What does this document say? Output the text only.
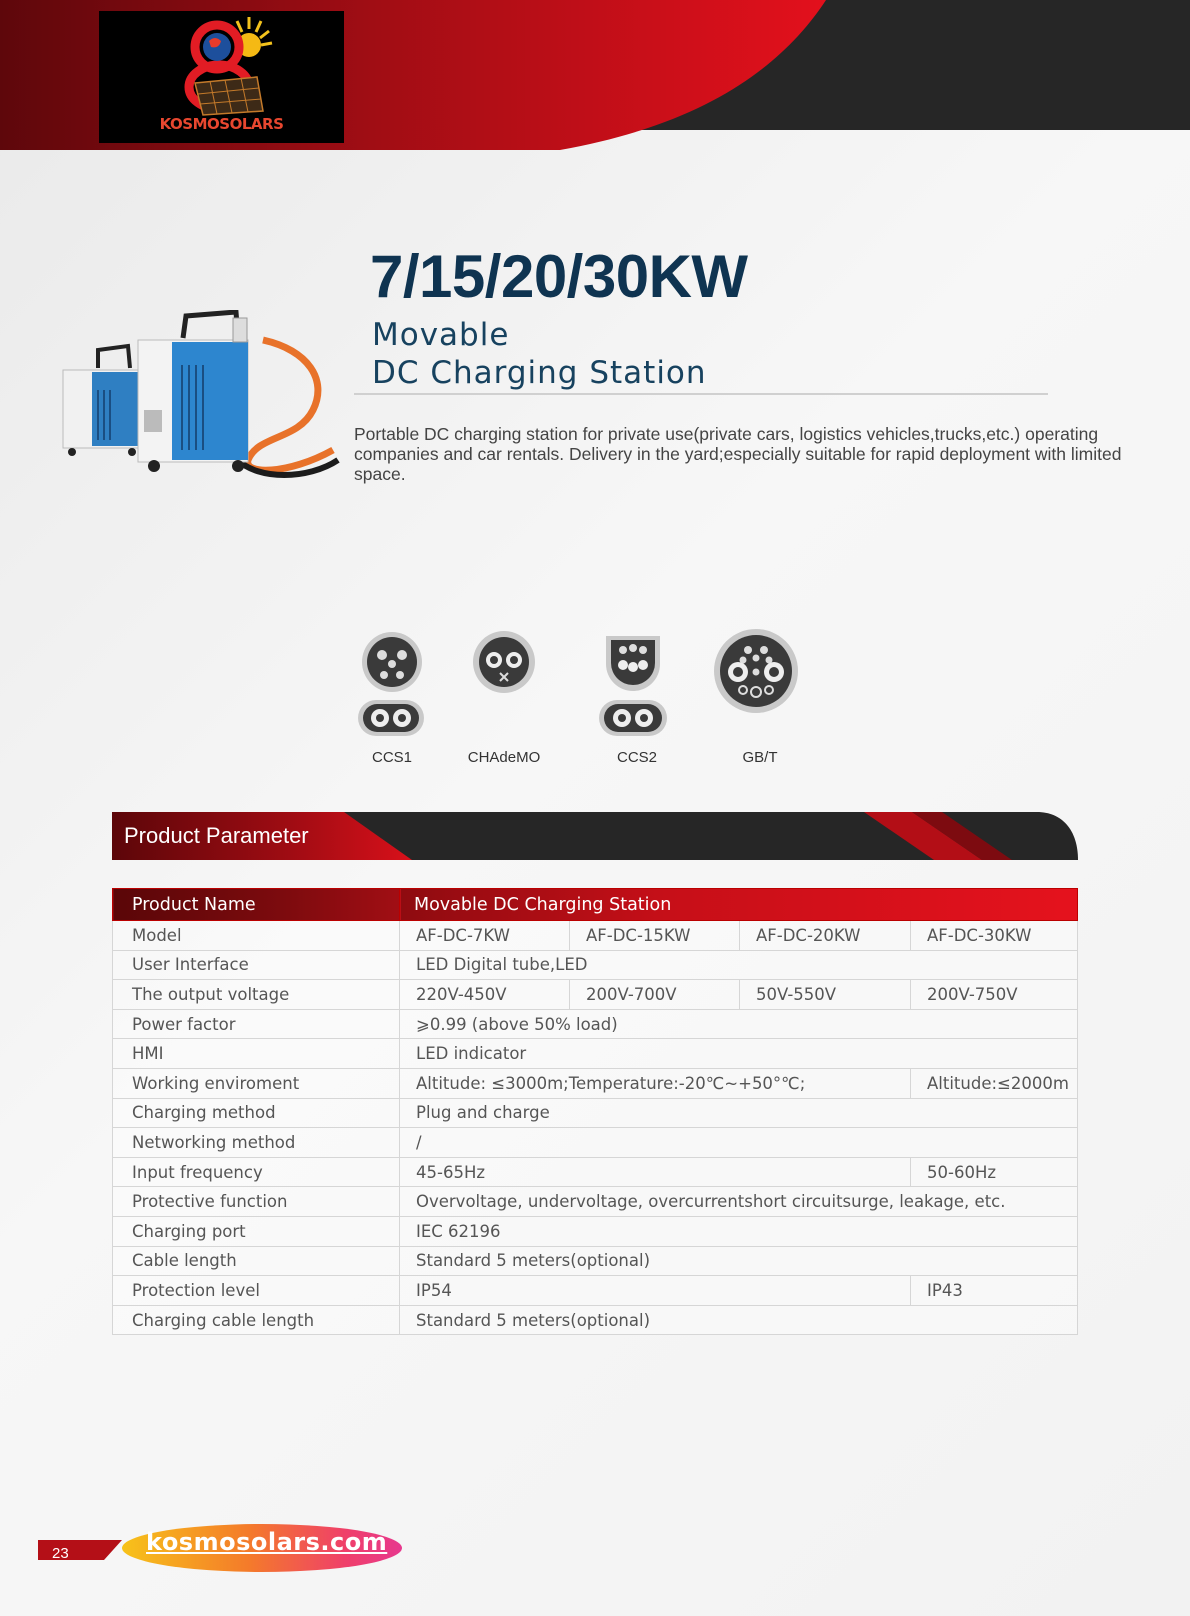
KOSMOSOLARS
7/15/20/30KW
Movable
DC Charging Station
Portable DC charging station for private use(private cars, logistics vehicles,trucks,etc.) operating companies and car rentals. Delivery in the yard;especially suitable for rapid deployment with limited space.
CCS1	CHAdeMO	CCS2	GB/T
Product Parameter
Product Name	Movable DC Charging Station			
Model	AF-DC-7KW	AF-DC-15KW	AF-DC-20KW	AF-DC-30KW
User Interface	LED Digital tube,LED			
The output voltage	220V-450V	200V-700V	50V-550V	200V-750V
Power factor	⩾0.99 (above 50% load)			
HMI	LED indicator			
Working enviroment	Altitude: ≤3000m;Temperature:-20℃~+50°℃;			Altitude:≤2000m
Charging method	Plug and charge			
Networking method	/			
Input frequency	45-65Hz			50-60Hz
Protective function	Overvoltage, undervoltage, overcurrentshort circuitsurge, leakage, etc.			
Charging port	IEC 62196			
Cable length	Standard 5 meters(optional)			
Protection level	IP54			IP43
Charging cable length	Standard 5 meters(optional)			
23	kosmosolars.com
